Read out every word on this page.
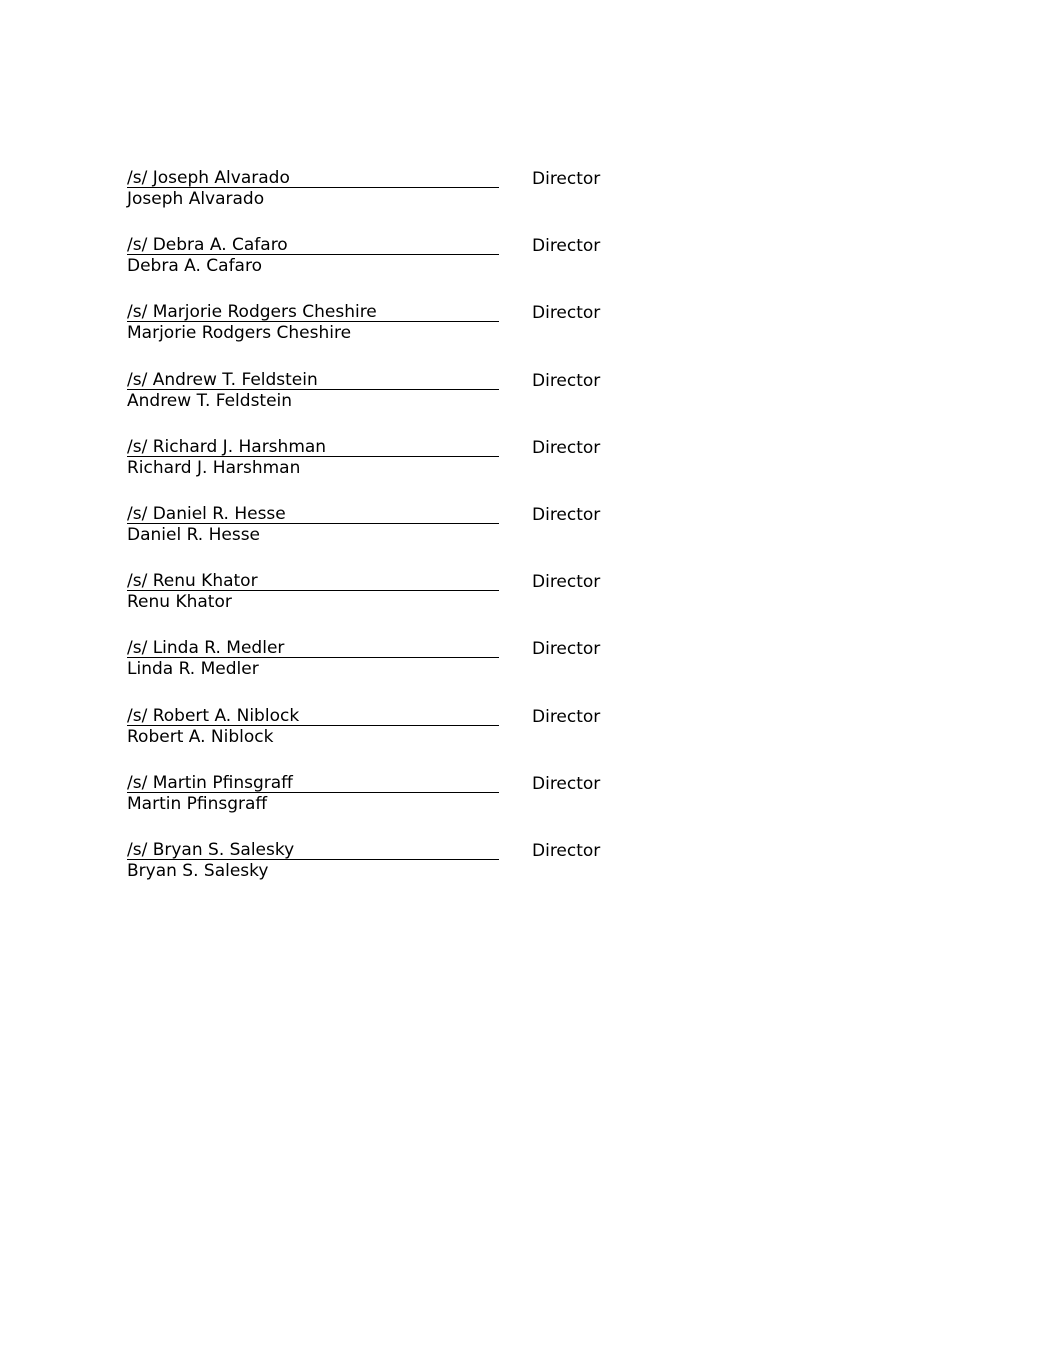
/s/ Joseph Alvarado
Joseph Alvarado
Director
/s/ Debra A. Cafaro
Debra A. Cafaro
Director
/s/ Marjorie Rodgers Cheshire
Marjorie Rodgers Cheshire
Director
/s/ Andrew T. Feldstein
Andrew T. Feldstein
Director
/s/ Richard J. Harshman
Richard J. Harshman
Director
/s/ Daniel R. Hesse
Daniel R. Hesse
Director
/s/ Renu Khator
Renu Khator
Director
/s/ Linda R. Medler
Linda R. Medler
Director
/s/ Robert A. Niblock
Robert A. Niblock
Director
/s/ Martin Pfinsgraff
Martin Pfinsgraff
Director
/s/ Bryan S. Salesky
Bryan S. Salesky
Director
